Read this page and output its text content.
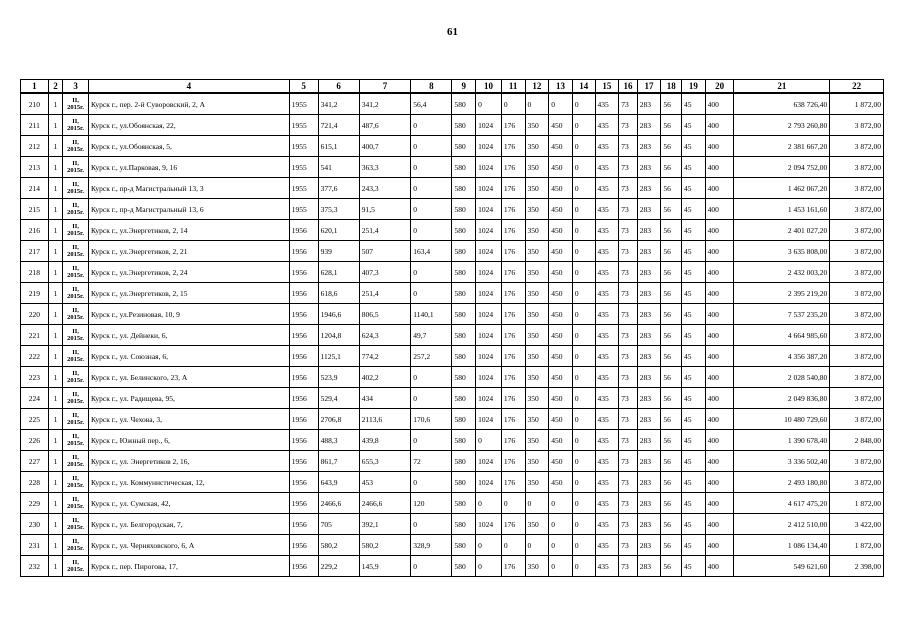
61
1	2	3	4	5	6	7	8	9	10	11	12	13	14	15	16	17	18	19	20	21	22
210	1	II,
2015г.	Курск г., пер. 2-й Суворовский, 2, А	1955	341,2	341,2	56,4	580	0	0	0	0	0	435	73	283	56	45	400	638 726,40	1 872,00
211	1	II,
2015г.	Курск г., ул.Обоянская, 22,	1955	721,4	487,6	0	580	1024	176	350	450	0	435	73	283	56	45	400	2 793 260,80	3 872,00
212	1	II,
2015г.	Курск г., ул.Обоянская, 5,	1955	615,1	400,7	0	580	1024	176	350	450	0	435	73	283	56	45	400	2 381 667,20	3 872,00
213	1	II,
2015г.	Курск г., ул.Парковая, 9, 16	1955	541	363,3	0	580	1024	176	350	450	0	435	73	283	56	45	400	2 094 752,00	3 872,00
214	1	II,
2015г.	Курск г., пр-д Магистральный 13, 3	1955	377,6	243,3	0	580	1024	176	350	450	0	435	73	283	56	45	400	1 462 067,20	3 872,00
215	1	II,
2015г.	Курск г., пр-д Магистральный 13, 6	1955	375,3	91,5	0	580	1024	176	350	450	0	435	73	283	56	45	400	1 453 161,60	3 872,00
216	1	II,
2015г.	Курск г., ул.Энергетиков, 2, 14	1956	620,1	251,4	0	580	1024	176	350	450	0	435	73	283	56	45	400	2 401 027,20	3 872,00
217	1	II,
2015г.	Курск г., ул.Энергетиков, 2, 21	1956	939	507	163,4	580	1024	176	350	450	0	435	73	283	56	45	400	3 635 808,00	3 872,00
218	1	II,
2015г.	Курск г., ул.Энергетиков, 2, 24	1956	628,1	407,3	0	580	1024	176	350	450	0	435	73	283	56	45	400	2 432 003,20	3 872,00
219	1	II,
2015г.	Курск г., ул.Энергетиков, 2, 15	1956	618,6	251,4	0	580	1024	176	350	450	0	435	73	283	56	45	400	2 395 219,20	3 872,00
220	1	II,
2015г.	Курск г., ул.Резиновая, 10, 9	1956	1946,6	806,5	1140,1	580	1024	176	350	450	0	435	73	283	56	45	400	7 537 235,20	3 872,00
221	1	II,
2015г.	Курск г., ул. Дейнеки, 6,	1956	1204,8	624,3	49,7	580	1024	176	350	450	0	435	73	283	56	45	400	4 664 985,60	3 872,00
222	1	II,
2015г.	Курск г., ул. Союзная, 6,	1956	1125,1	774,2	257,2	580	1024	176	350	450	0	435	73	283	56	45	400	4 356 387,20	3 872,00
223	1	II,
2015г.	Курск г., ул. Белинского, 23, А	1956	523,9	402,2	0	580	1024	176	350	450	0	435	73	283	56	45	400	2 028 540,80	3 872,00
224	1	II,
2015г.	Курск г., ул. Радищева, 95,	1956	529,4	434	0	580	1024	176	350	450	0	435	73	283	56	45	400	2 049 836,80	3 872,00
225	1	II,
2015г.	Курск г., ул. Чехова, 3,	1956	2706,8	2113,6	170,6	580	1024	176	350	450	0	435	73	283	56	45	400	10 480 729,60	3 872,00
226	1	II,
2015г.	Курск г., Южный пер., 6,	1956	488,3	439,8	0	580	0	176	350	450	0	435	73	283	56	45	400	1 390 678,40	2 848,00
227	1	II,
2015г.	Курск г., ул. Энергетиков 2, 16,	1956	861,7	655,3	72	580	1024	176	350	450	0	435	73	283	56	45	400	3 336 502,40	3 872,00
228	1	II,
2015г.	Курск г., ул. Коммунистическая, 12,	1956	643,9	453	0	580	1024	176	350	450	0	435	73	283	56	45	400	2 493 180,80	3 872,00
229	1	II,
2015г.	Курск г., ул. Сумская, 42,	1956	2466,6	2466,6	120	580	0	0	0	0	0	435	73	283	56	45	400	4 617 475,20	1 872,00
230	1	II,
2015г.	Курск г., ул. Белгородская, 7,	1956	705	392,1	0	580	1024	176	350	0	0	435	73	283	56	45	400	2 412 510,00	3 422,00
231	1	II,
2015г.	Курск г., ул. Черняховского, 6, А	1956	580,2	580,2	328,9	580	0	0	0	0	0	435	73	283	56	45	400	1 086 134,40	1 872,00
232	1	II,
2015г.	Курск г., пер. Пирогова, 17,	1956	229,2	145,9	0	580	0	176	350	0	0	435	73	283	56	45	400	549 621,60	2 398,00
